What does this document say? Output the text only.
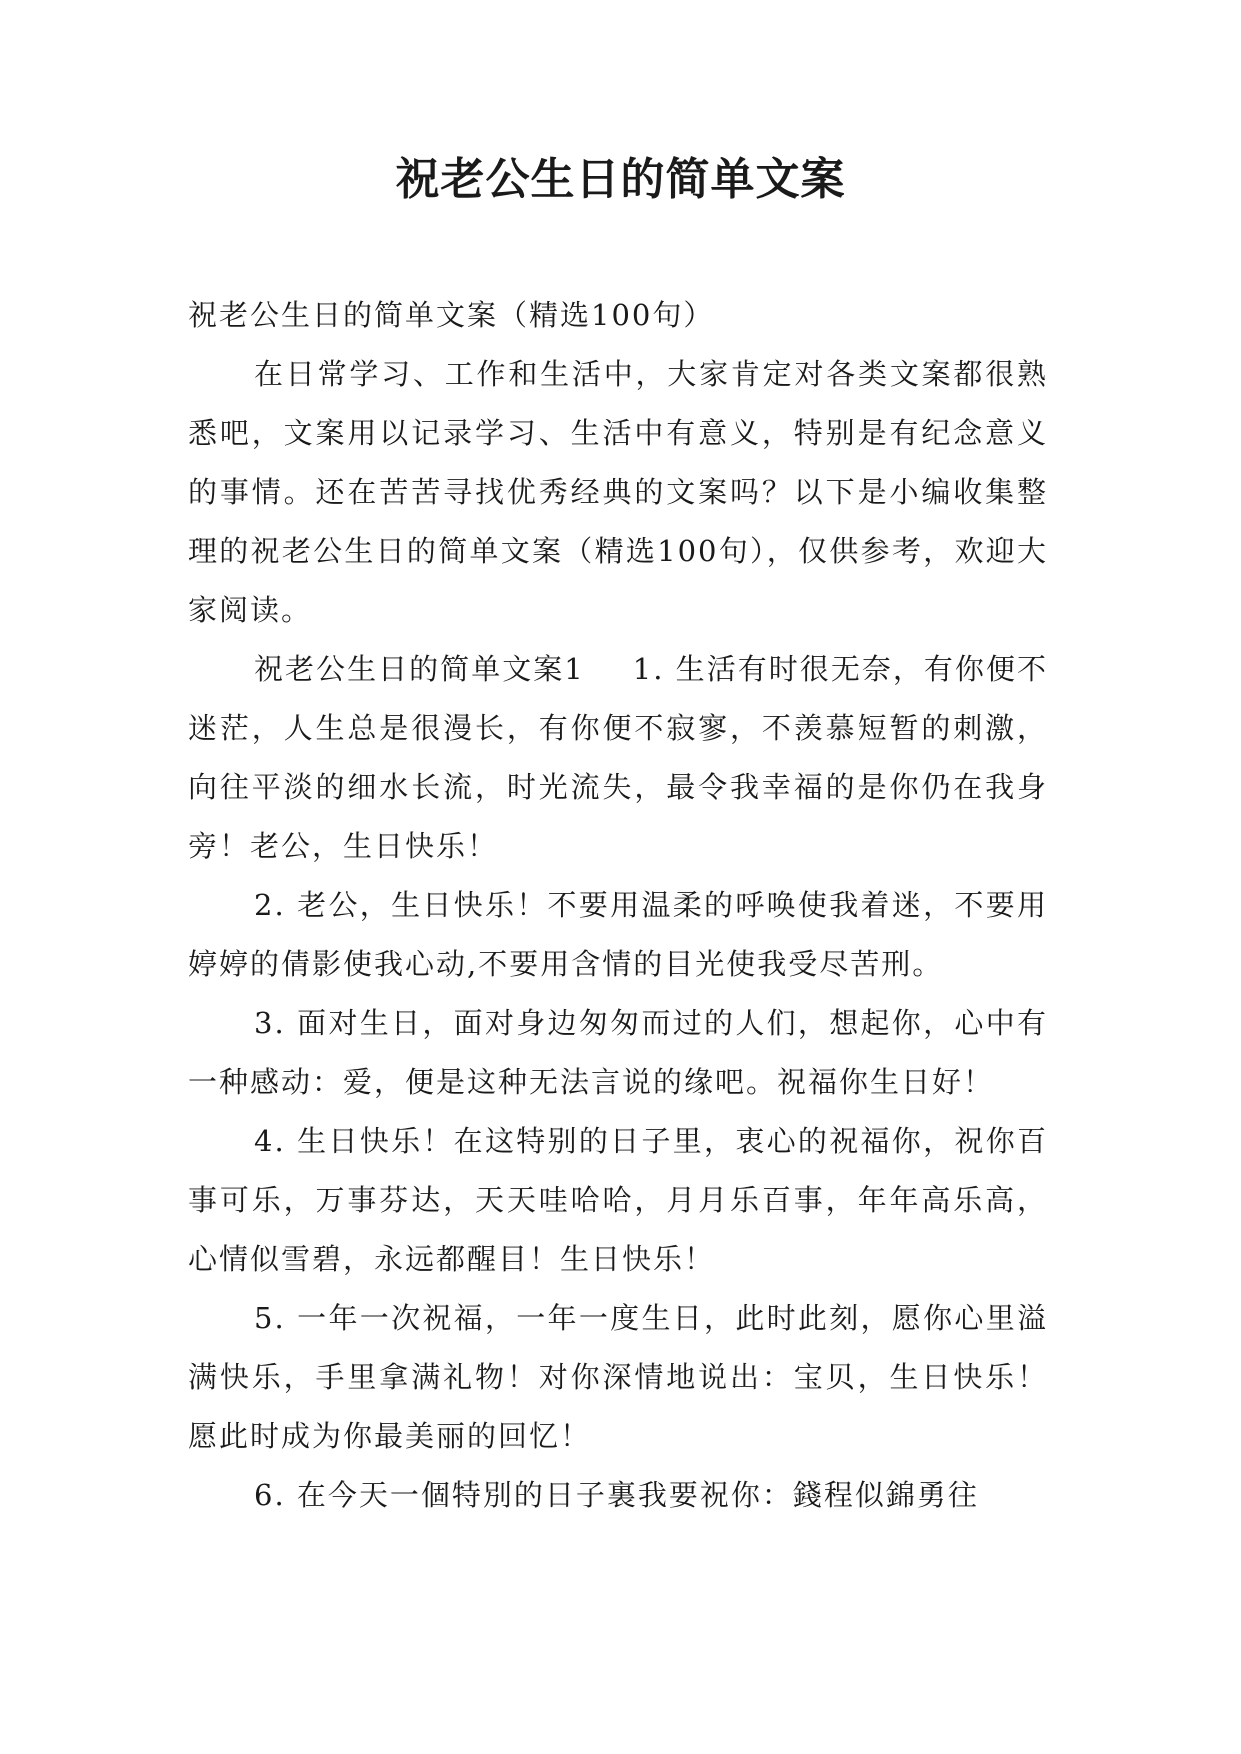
祝老公生日的简单文案

祝老公生日的简单文案（精选100句）

在日常学习、工作和生活中，大家肯定对各类文案都很熟悉吧，文案用以记录学习、生活中有意义，特别是有纪念意义的事情。还在苦苦寻找优秀经典的文案吗？以下是小编收集整理的祝老公生日的简单文案（精选100句），仅供参考，欢迎大家阅读。

祝老公生日的简单文案1 1. 生活有时很无奈，有你便不迷茫，人生总是很漫长，有你便不寂寥，不羡慕短暂的刺激，向往平淡的细水长流，时光流失，最令我幸福的是你仍在我身旁！老公，生日快乐！

2. 老公，生日快乐！不要用温柔的呼唤使我着迷，不要用婷婷的倩影使我心动,不要用含情的目光使我受尽苦刑。

3. 面对生日，面对身边匆匆而过的人们，想起你，心中有一种感动：爱，便是这种无法言说的缘吧。祝福你生日好！

4. 生日快乐！在这特别的日子里，衷心的祝福你，祝你百事可乐，万事芬达，天天哇哈哈，月月乐百事，年年高乐高，心情似雪碧，永远都醒目！生日快乐！

5. 一年一次祝福，一年一度生日，此时此刻，愿你心里溢满快乐，手里拿满礼物！对你深情地说出：宝贝，生日快乐！愿此时成为你最美丽的回忆！

6. 在今天一個特別的日子裏我要祝你：錢程似錦勇往
